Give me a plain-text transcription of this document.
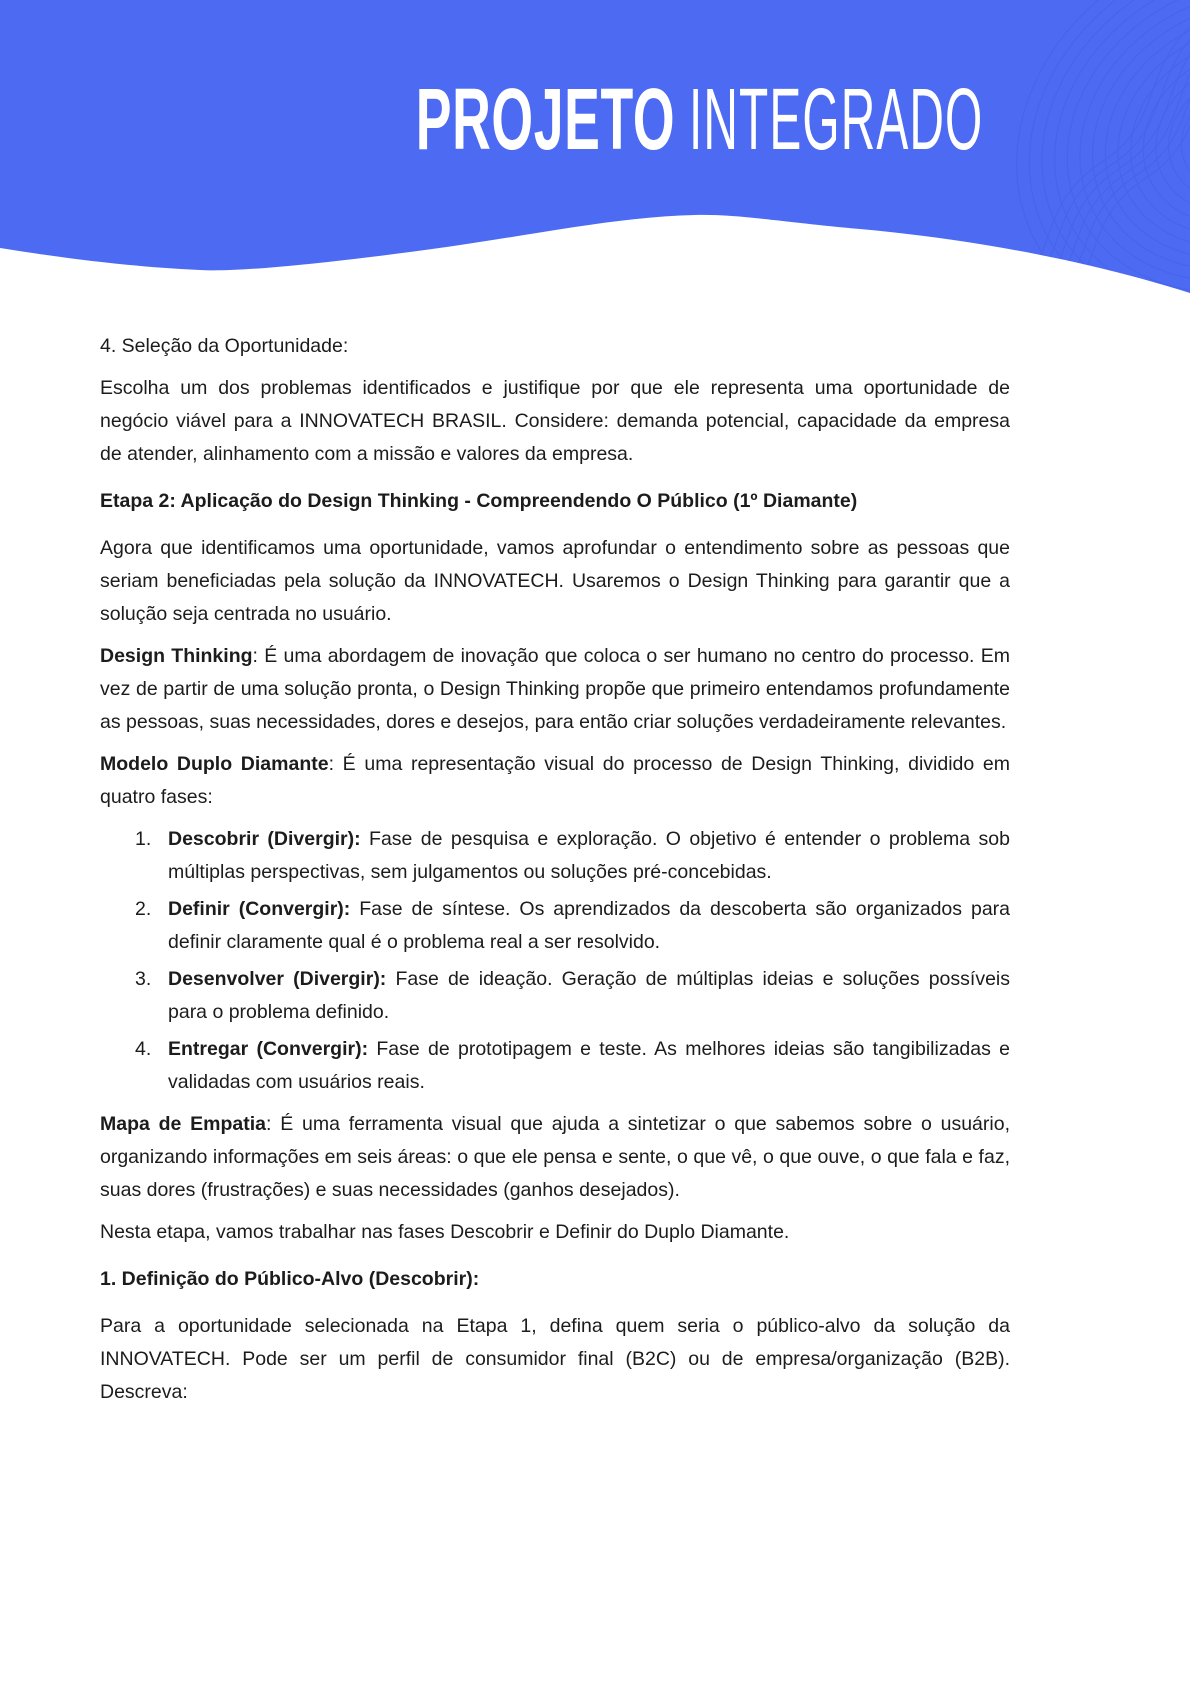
PROJETO INTEGRADO

4. Seleção da Oportunidade:

Escolha um dos problemas identificados e justifique por que ele representa uma oportunidade de negócio viável para a INNOVATECH BRASIL. Considere: demanda potencial, capacidade da empresa de atender, alinhamento com a missão e valores da empresa.

Etapa 2: Aplicação do Design Thinking - Compreendendo O Público (1º Diamante)

Agora que identificamos uma oportunidade, vamos aprofundar o entendimento sobre as pessoas que seriam beneficiadas pela solução da INNOVATECH. Usaremos o Design Thinking para garantir que a solução seja centrada no usuário.

Design Thinking: É uma abordagem de inovação que coloca o ser humano no centro do processo. Em vez de partir de uma solução pronta, o Design Thinking propõe que primeiro entendamos profundamente as pessoas, suas necessidades, dores e desejos, para então criar soluções verdadeiramente relevantes.

Modelo Duplo Diamante: É uma representação visual do processo de Design Thinking, dividido em quatro fases:

1. Descobrir (Divergir): Fase de pesquisa e exploração. O objetivo é entender o problema sob múltiplas perspectivas, sem julgamentos ou soluções pré-concebidas.
2. Definir (Convergir): Fase de síntese. Os aprendizados da descoberta são organizados para definir claramente qual é o problema real a ser resolvido.
3. Desenvolver (Divergir): Fase de ideação. Geração de múltiplas ideias e soluções possíveis para o problema definido.
4. Entregar (Convergir): Fase de prototipagem e teste. As melhores ideias são tangibilizadas e validadas com usuários reais.

Mapa de Empatia: É uma ferramenta visual que ajuda a sintetizar o que sabemos sobre o usuário, organizando informações em seis áreas: o que ele pensa e sente, o que vê, o que ouve, o que fala e faz, suas dores (frustrações) e suas necessidades (ganhos desejados).

Nesta etapa, vamos trabalhar nas fases Descobrir e Definir do Duplo Diamante.

1. Definição do Público-Alvo (Descobrir):

Para a oportunidade selecionada na Etapa 1, defina quem seria o público-alvo da solução da INNOVATECH. Pode ser um perfil de consumidor final (B2C) ou de empresa/organização (B2B). Descreva:
